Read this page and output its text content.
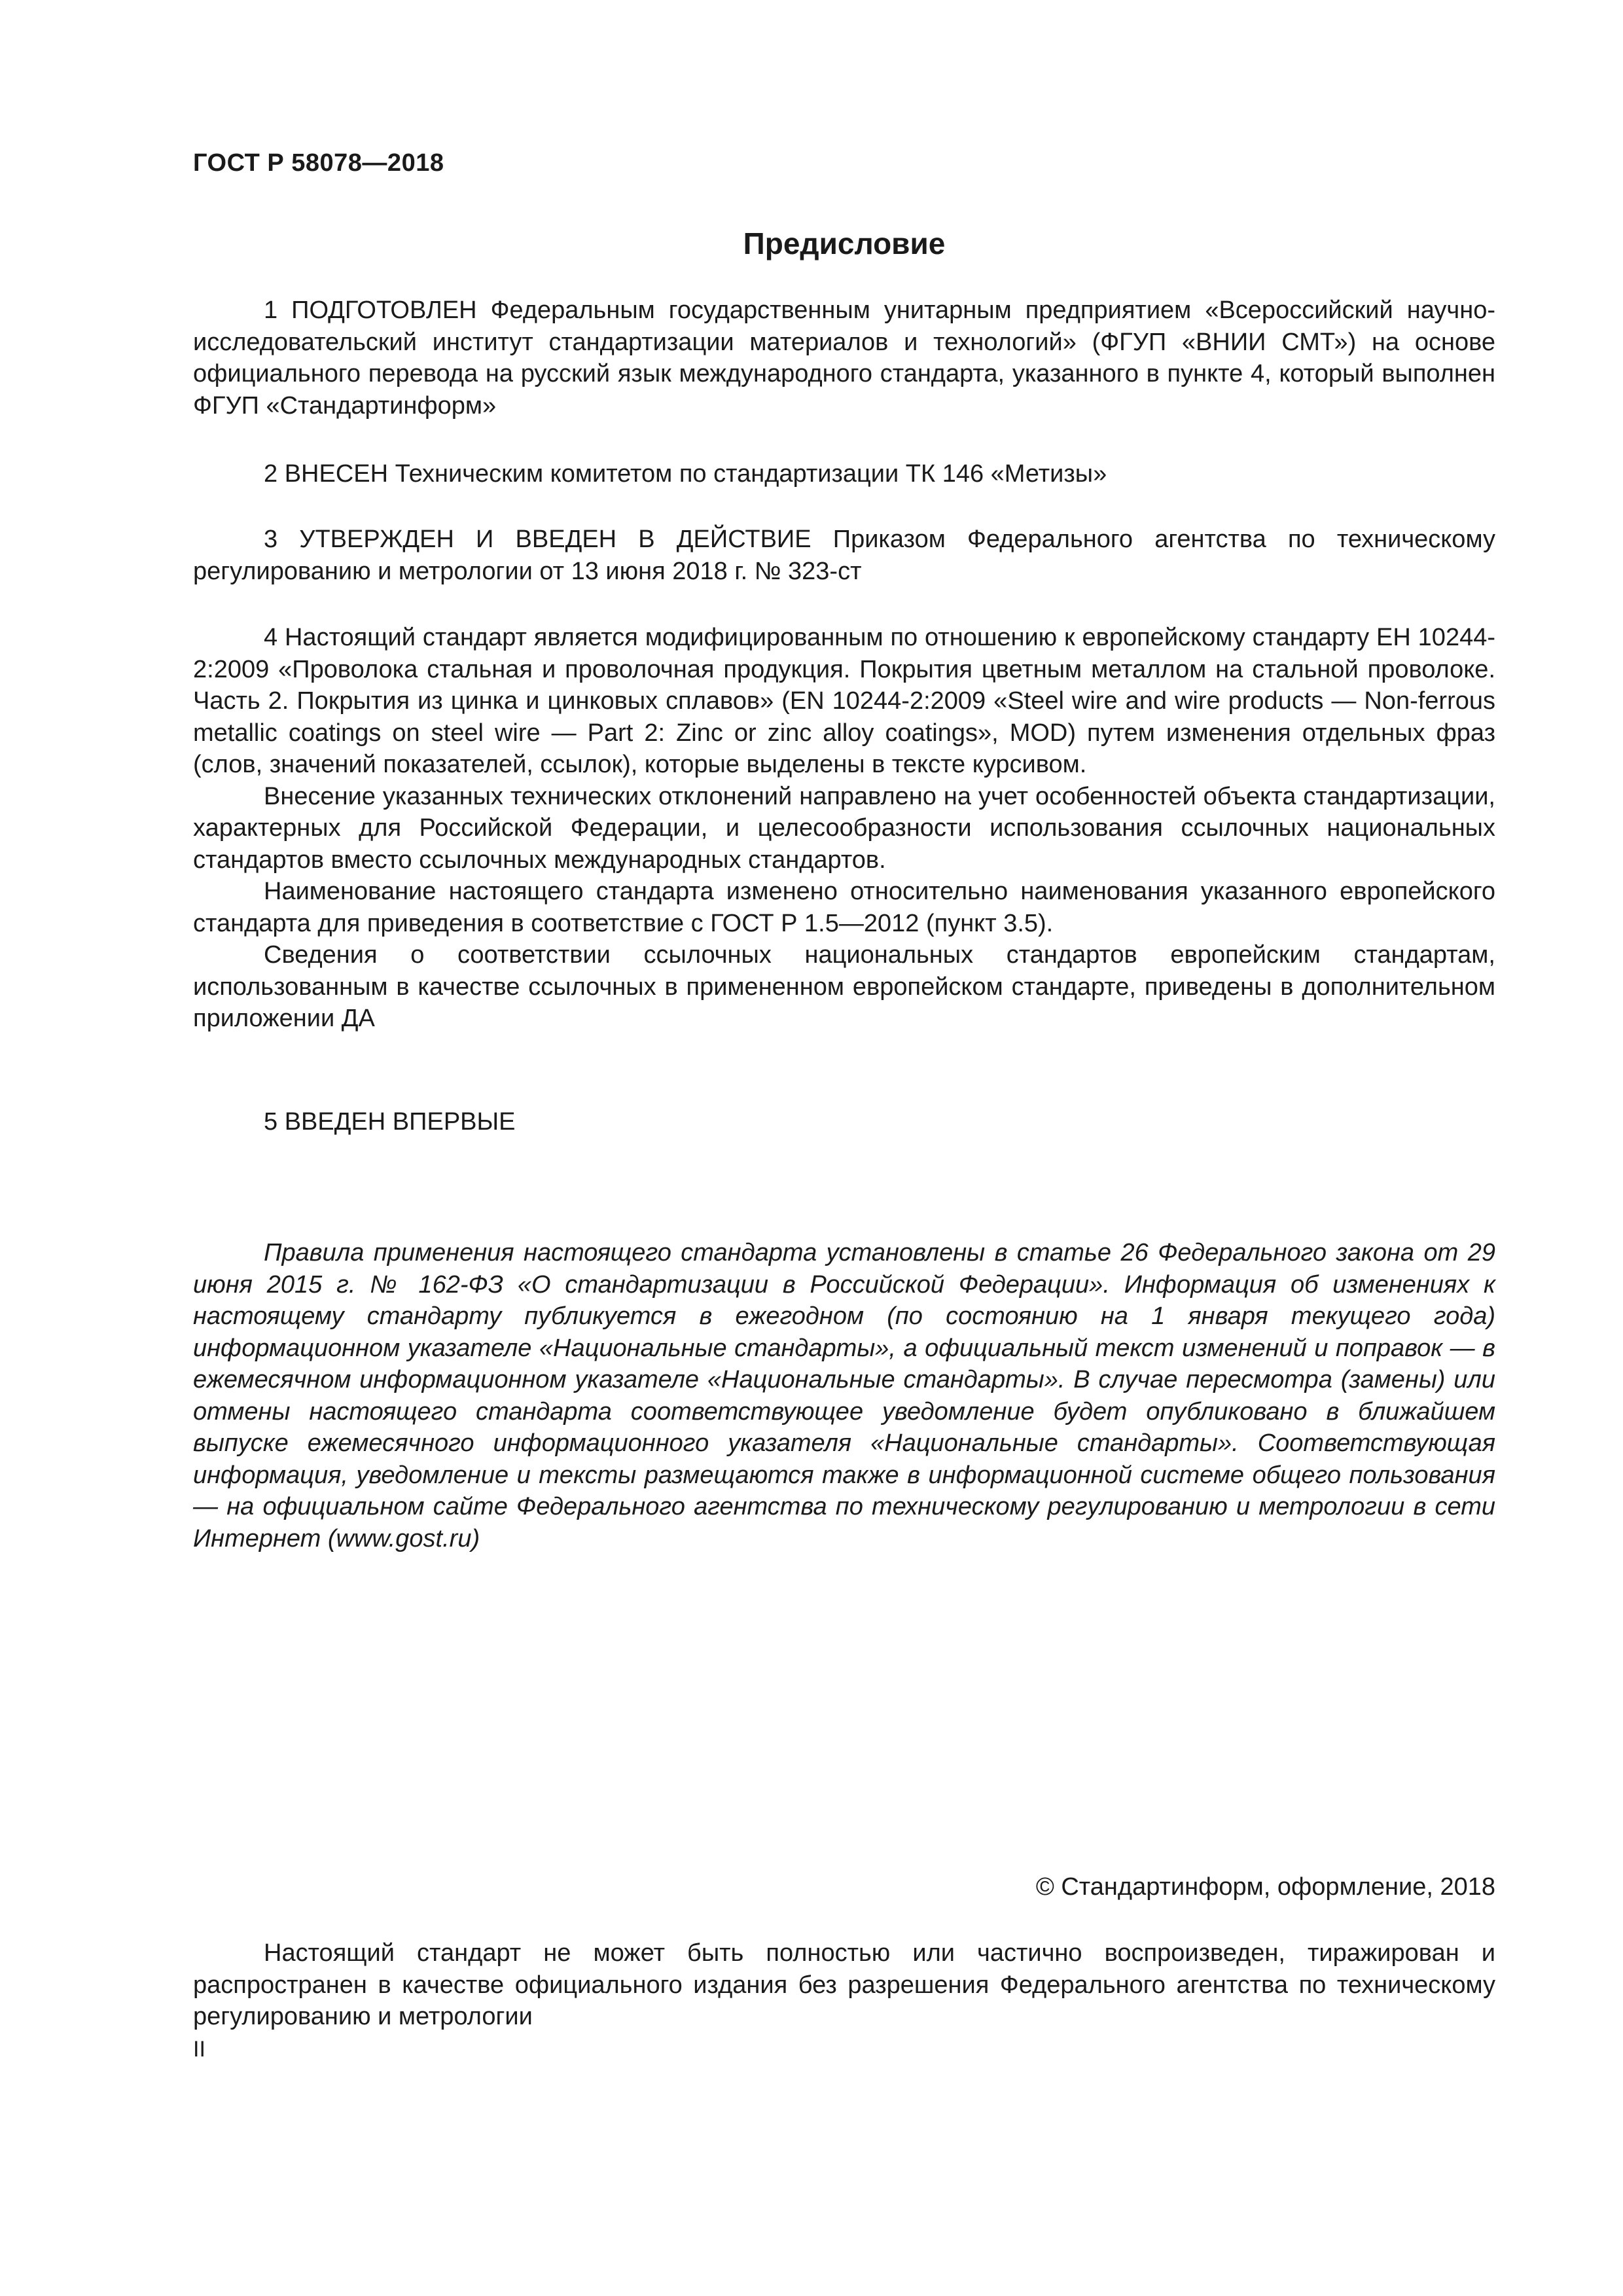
ГОСТ Р 58078—2018

Предисловие

1 ПОДГОТОВЛЕН Федеральным государственным унитарным предприятием «Всероссийский научно-исследовательский институт стандартизации материалов и технологий» (ФГУП «ВНИИ СМТ») на основе официального перевода на русский язык международного стандарта, указанного в пункте 4, который выполнен ФГУП «Стандартинформ»

2 ВНЕСЕН Техническим комитетом по стандартизации ТК 146 «Метизы»

3 УТВЕРЖДЕН И ВВЕДЕН В ДЕЙСТВИЕ Приказом Федерального агентства по техническому регулированию и метрологии от 13 июня 2018 г. № 323-ст

4 Настоящий стандарт является модифицированным по отношению к европейскому стандарту ЕН 10244-2:2009 «Проволока стальная и проволочная продукция. Покрытия цветным металлом на стальной проволоке. Часть 2. Покрытия из цинка и цинковых сплавов» (EN 10244-2:2009 «Steel wire and wire products — Non-ferrous metallic coatings on steel wire — Part 2: Zinc or zinc alloy coatings», MOD) путем изменения отдельных фраз (слов, значений показателей, ссылок), которые выделены в тексте курсивом.

Внесение указанных технических отклонений направлено на учет особенностей объекта стандартизации, характерных для Российской Федерации, и целесообразности использования ссылочных национальных стандартов вместо ссылочных международных стандартов.

Наименование настоящего стандарта изменено относительно наименования указанного европейского стандарта для приведения в соответствие с ГОСТ Р 1.5—2012 (пункт 3.5).

Сведения о соответствии ссылочных национальных стандартов европейским стандартам, использованным в качестве ссылочных в примененном европейском стандарте, приведены в дополнительном приложении ДА

5 ВВЕДЕН ВПЕРВЫЕ

Правила применения настоящего стандарта установлены в статье 26 Федерального закона от 29 июня 2015 г. № 162-ФЗ «О стандартизации в Российской Федерации». Информация об изменениях к настоящему стандарту публикуется в ежегодном (по состоянию на 1 января текущего года) информационном указателе «Национальные стандарты», а официальный текст изменений и поправок — в ежемесячном информационном указателе «Национальные стандарты». В случае пересмотра (замены) или отмены настоящего стандарта соответствующее уведомление будет опубликовано в ближайшем выпуске ежемесячного информационного указателя «Национальные стандарты». Соответствующая информация, уведомление и тексты размещаются также в информационной системе общего пользования — на официальном сайте Федерального агентства по техническому регулированию и метрологии в сети Интернет (www.gost.ru)

© Стандартинформ, оформление, 2018

Настоящий стандарт не может быть полностью или частично воспроизведен, тиражирован и распространен в качестве официального издания без разрешения Федерального агентства по техническому регулированию и метрологии

II
